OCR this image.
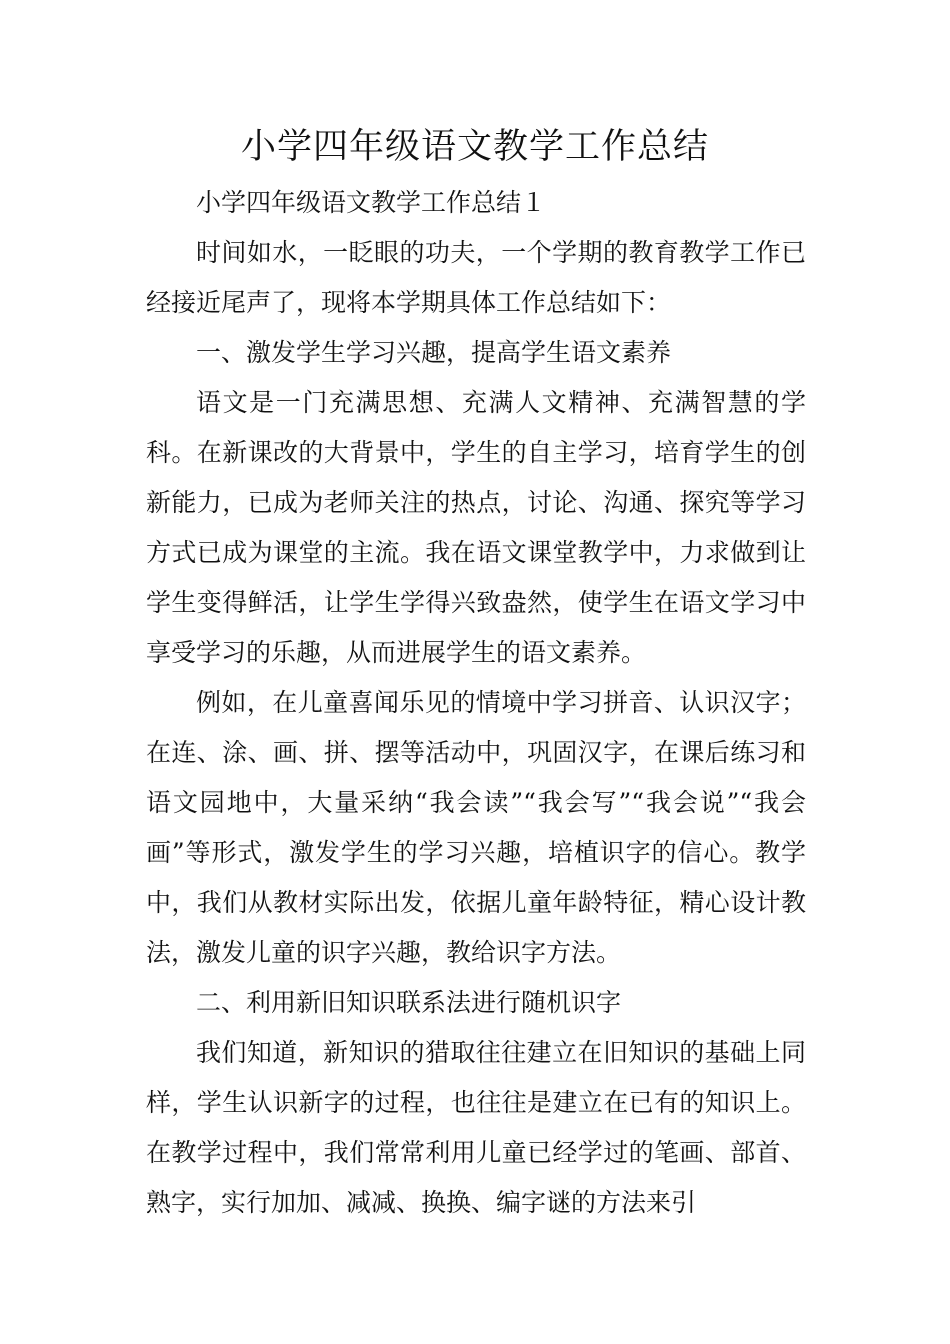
小学四年级语文教学工作总结

小学四年级语文教学工作总结１

时间如水，一眨眼的功夫，一个学期的教育教学工作已经接近尾声了，现将本学期具体工作总结如下：

一、激发学生学习兴趣，提高学生语文素养

语文是一门充满思想、充满人文精神、充满智慧的学科。在新课改的大背景中，学生的自主学习，培育学生的创新能力，已成为老师关注的热点，讨论、沟通、探究等学习方式已成为课堂的主流。我在语文课堂教学中，力求做到让学生变得鲜活，让学生学得兴致盎然，使学生在语文学习中享受学习的乐趣，从而进展学生的语文素养。

例如，在儿童喜闻乐见的情境中学习拼音、认识汉字；在连、涂、画、拼、摆等活动中，巩固汉字，在课后练习和语文园地中，大量采纳“我会读”“我会写”“我会说”“我会画”等形式，激发学生的学习兴趣，培植识字的信心。教学中，我们从教材实际出发，依据儿童年龄特征，精心设计教法，激发儿童的识字兴趣，教给识字方法。

二、利用新旧知识联系法进行随机识字

我们知道，新知识的猎取往往建立在旧知识的基础上同样，学生认识新字的过程，也往往是建立在已有的知识上。在教学过程中，我们常常利用儿童已经学过的笔画、部首、熟字，实行加加、减减、换换、编字谜的方法来引
